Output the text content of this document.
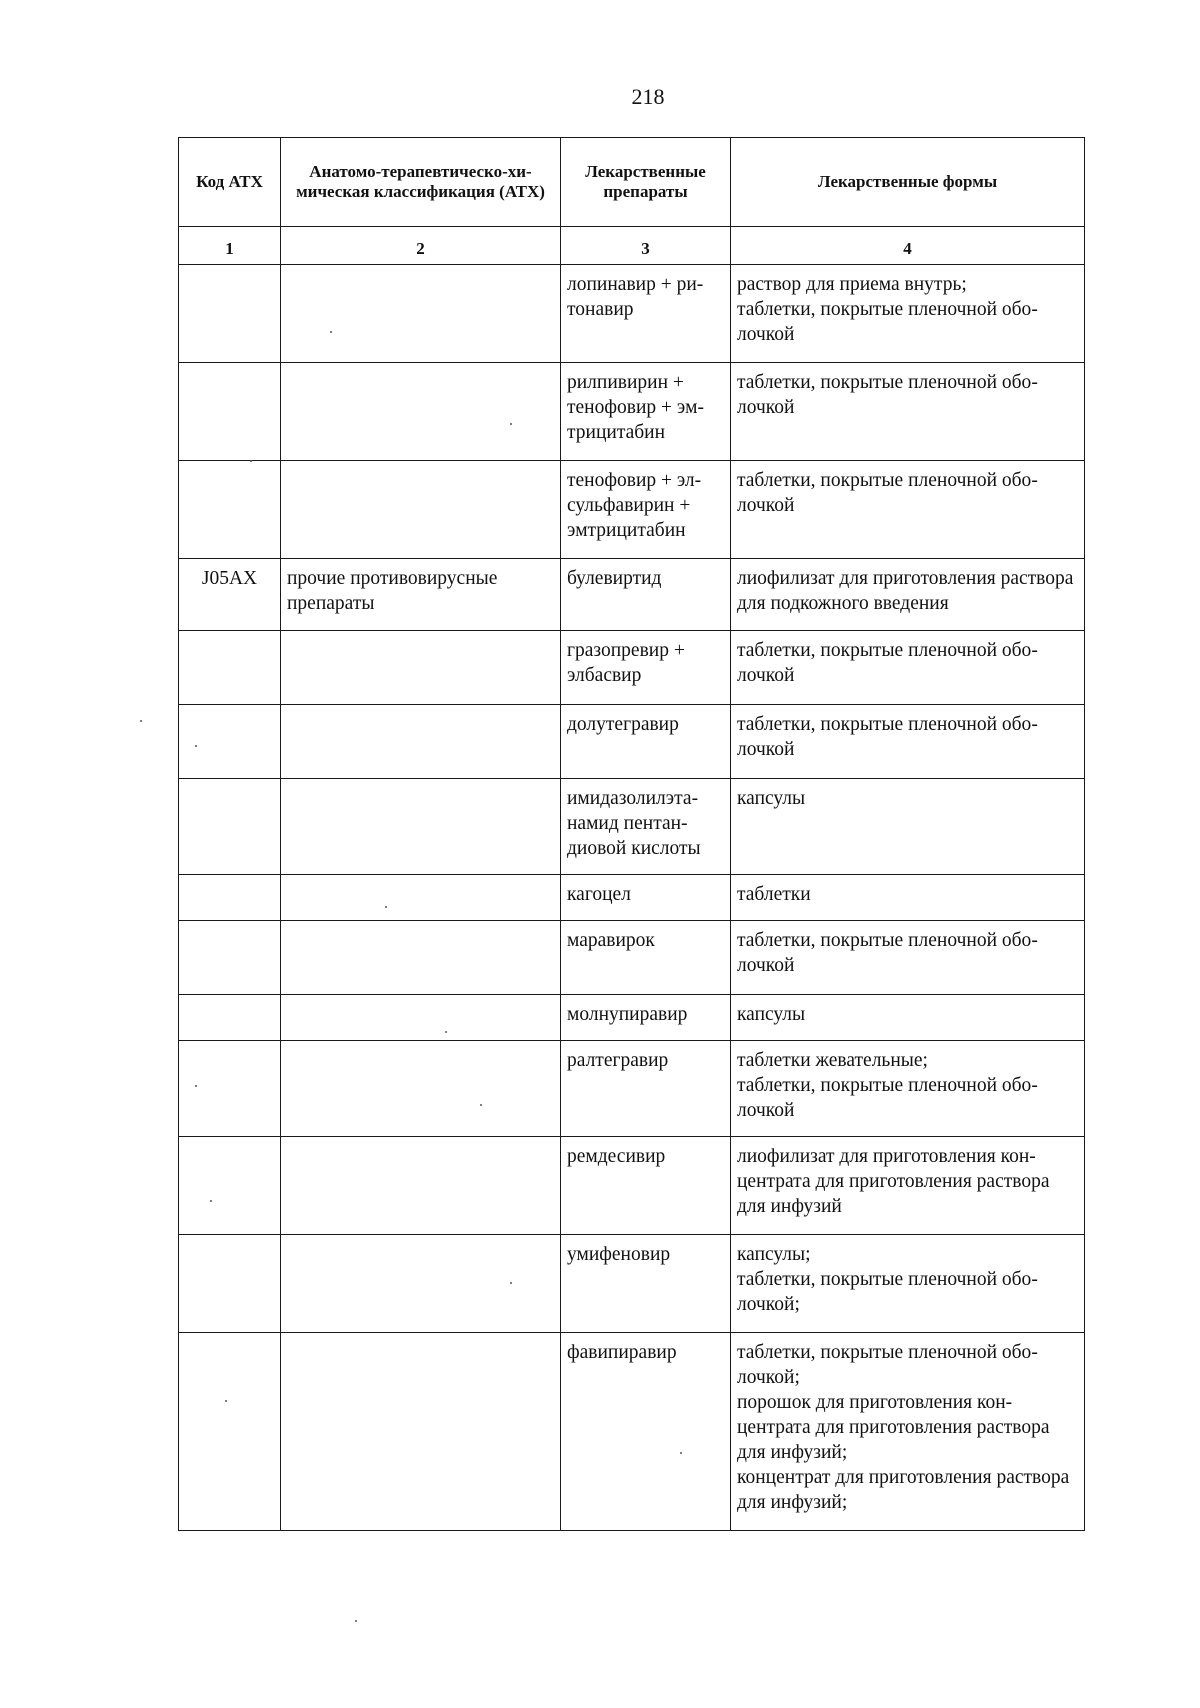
218
Код АТХ	Анатомо-терапевтическо-химическая классификация (АТХ)	Лекарственные препараты	Лекарственные формы
1	2	3	4
		лопинавир + ритонавир	раствор для приема внутрь;
таблетки, покрытые пленочной оболочкой
		рилпивирин + тенофовир + эмтрицитабин	таблетки, покрытые пленочной оболочкой
		тенофовир + элсульфавирин + эмтрицитабин	таблетки, покрытые пленочной оболочкой
J05AX	прочие противовирусные препараты	булевиртид	лиофилизат для приготовления раствора для подкожного введения
		гразопревир + элбасвир	таблетки, покрытые пленочной оболочкой
		долутегравир	таблетки, покрытые пленочной оболочкой
		имидазолилэтанамид пентандиовой кислоты	капсулы
		кагоцел	таблетки
		маравирок	таблетки, покрытые пленочной оболочкой
		молнупиравир	капсулы
		ралтегравир	таблетки жевательные;
таблетки, покрытые пленочной оболочкой
		ремдесивир	лиофилизат для приготовления концентрата для приготовления раствора для инфузий
		умифеновир	капсулы;
таблетки, покрытые пленочной оболочкой;
		фавипиравир	таблетки, покрытые пленочной оболочкой;
порошок для приготовления концентрата для приготовления раствора для инфузий;
концентрат для приготовления раствора для инфузий;
